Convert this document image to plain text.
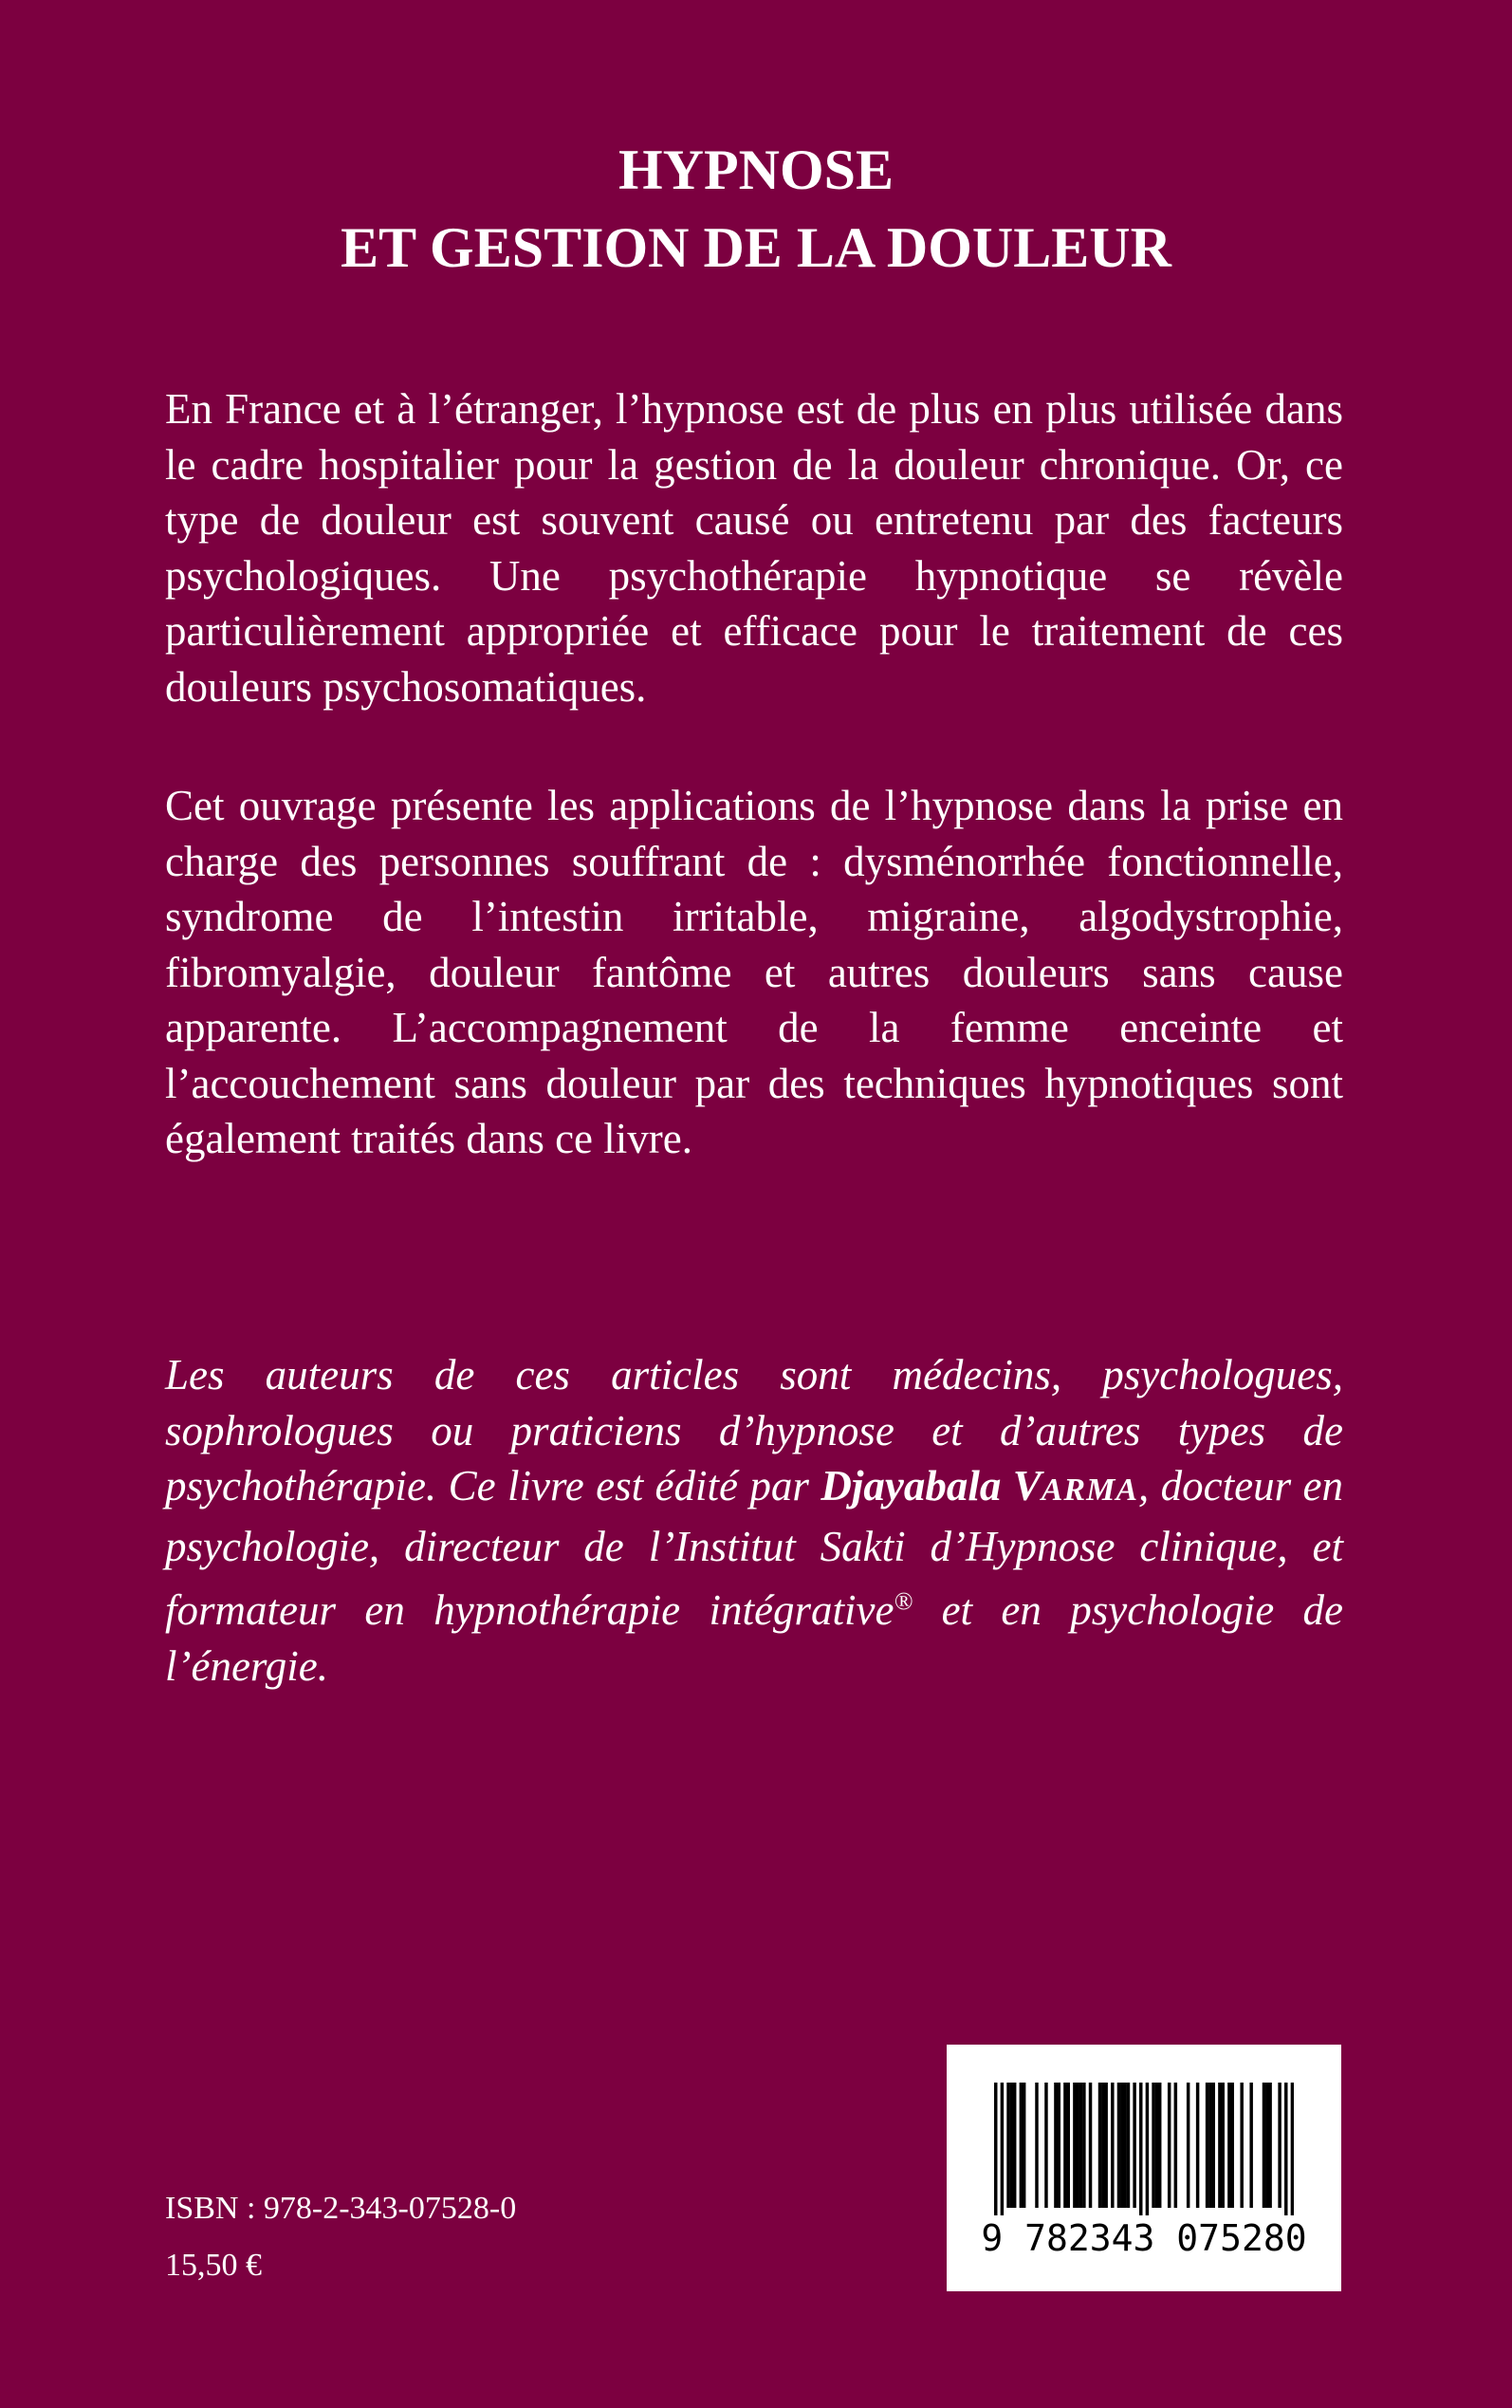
HYPNOSE
ET GESTION DE LA DOULEUR

En France et à l’étranger, l’hypnose est de plus en plus utilisée dans le cadre hospitalier pour la gestion de la douleur chronique. Or, ce type de douleur est souvent causé ou entretenu par des facteurs psychologiques. Une psychothérapie hypnotique se révèle particulièrement appropriée et efficace pour le traitement de ces douleurs psychosomatiques.

Cet ouvrage présente les applications de l’hypnose dans la prise en charge des personnes souffrant de : dysménorrhée fonctionnelle, syndrome de l’intestin irritable, migraine, algodystrophie, fibromyalgie, douleur fantôme et autres douleurs sans cause apparente. L’accompagnement de la femme enceinte et l’accouchement sans douleur par des techniques hypnotiques sont également traités dans ce livre.

Les auteurs de ces articles sont médecins, psychologues, sophrologues ou praticiens d’hypnose et d’autres types de psychothérapie. Ce livre est édité par Djayabala VARMA, docteur en psychologie, directeur de l’Institut Sakti d’Hypnose clinique, et formateur en hypnothérapie intégrative® et en psychologie de l’énergie.

ISBN : 978-2-343-07528-0

15,50 €

9 782343 075280
